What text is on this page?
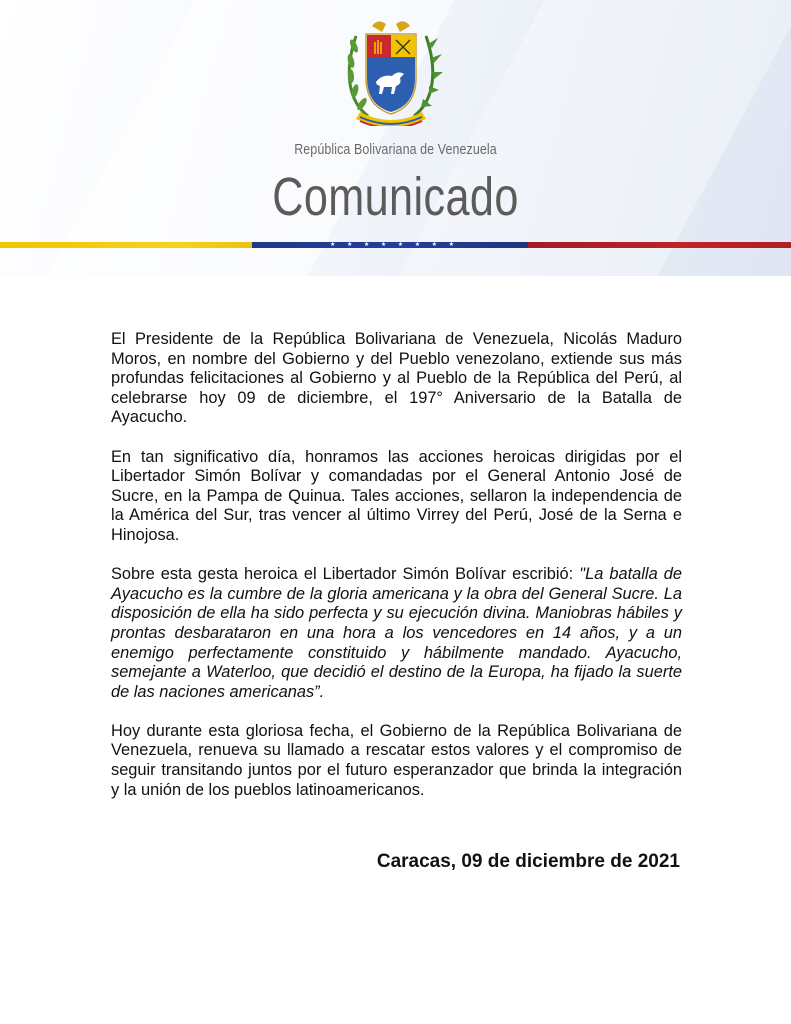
República Bolivariana de Venezuela
Comunicado
★ ★ ★ ★ ★ ★ ★ ★

El Presidente de la República Bolivariana de Venezuela, Nicolás Maduro Moros, en nombre del Gobierno y del Pueblo venezolano, extiende sus más profundas felicitaciones al Gobierno y al Pueblo de la República del Perú, al celebrarse hoy 09 de diciembre, el 197° Aniversario de la Batalla de Ayacucho.

En tan significativo día, honramos las acciones heroicas dirigidas por el Libertador Simón Bolívar y comandadas por el General Antonio José de Sucre, en la Pampa de Quinua. Tales acciones, sellaron la independencia de la América del Sur, tras vencer al último Virrey del Perú, José de la Serna e Hinojosa.

Sobre esta gesta heroica el Libertador Simón Bolívar escribió: "La batalla de Ayacucho es la cumbre de la gloria americana y la obra del General Sucre. La disposición de ella ha sido perfecta y su ejecución divina. Maniobras hábiles y prontas desbarataron en una hora a los vencedores en 14 años, y a un enemigo perfectamente constituido y hábilmente mandado. Ayacucho, semejante a Waterloo, que decidió el destino de la Europa, ha fijado la suerte de las naciones americanas”.

Hoy durante esta gloriosa fecha, el Gobierno de la República Bolivariana de Venezuela, renueva su llamado a rescatar estos valores y el compromiso de seguir transitando juntos por el futuro esperanzador que brinda la integración y la unión de los pueblos latinoamericanos.

Caracas, 09 de diciembre de 2021
